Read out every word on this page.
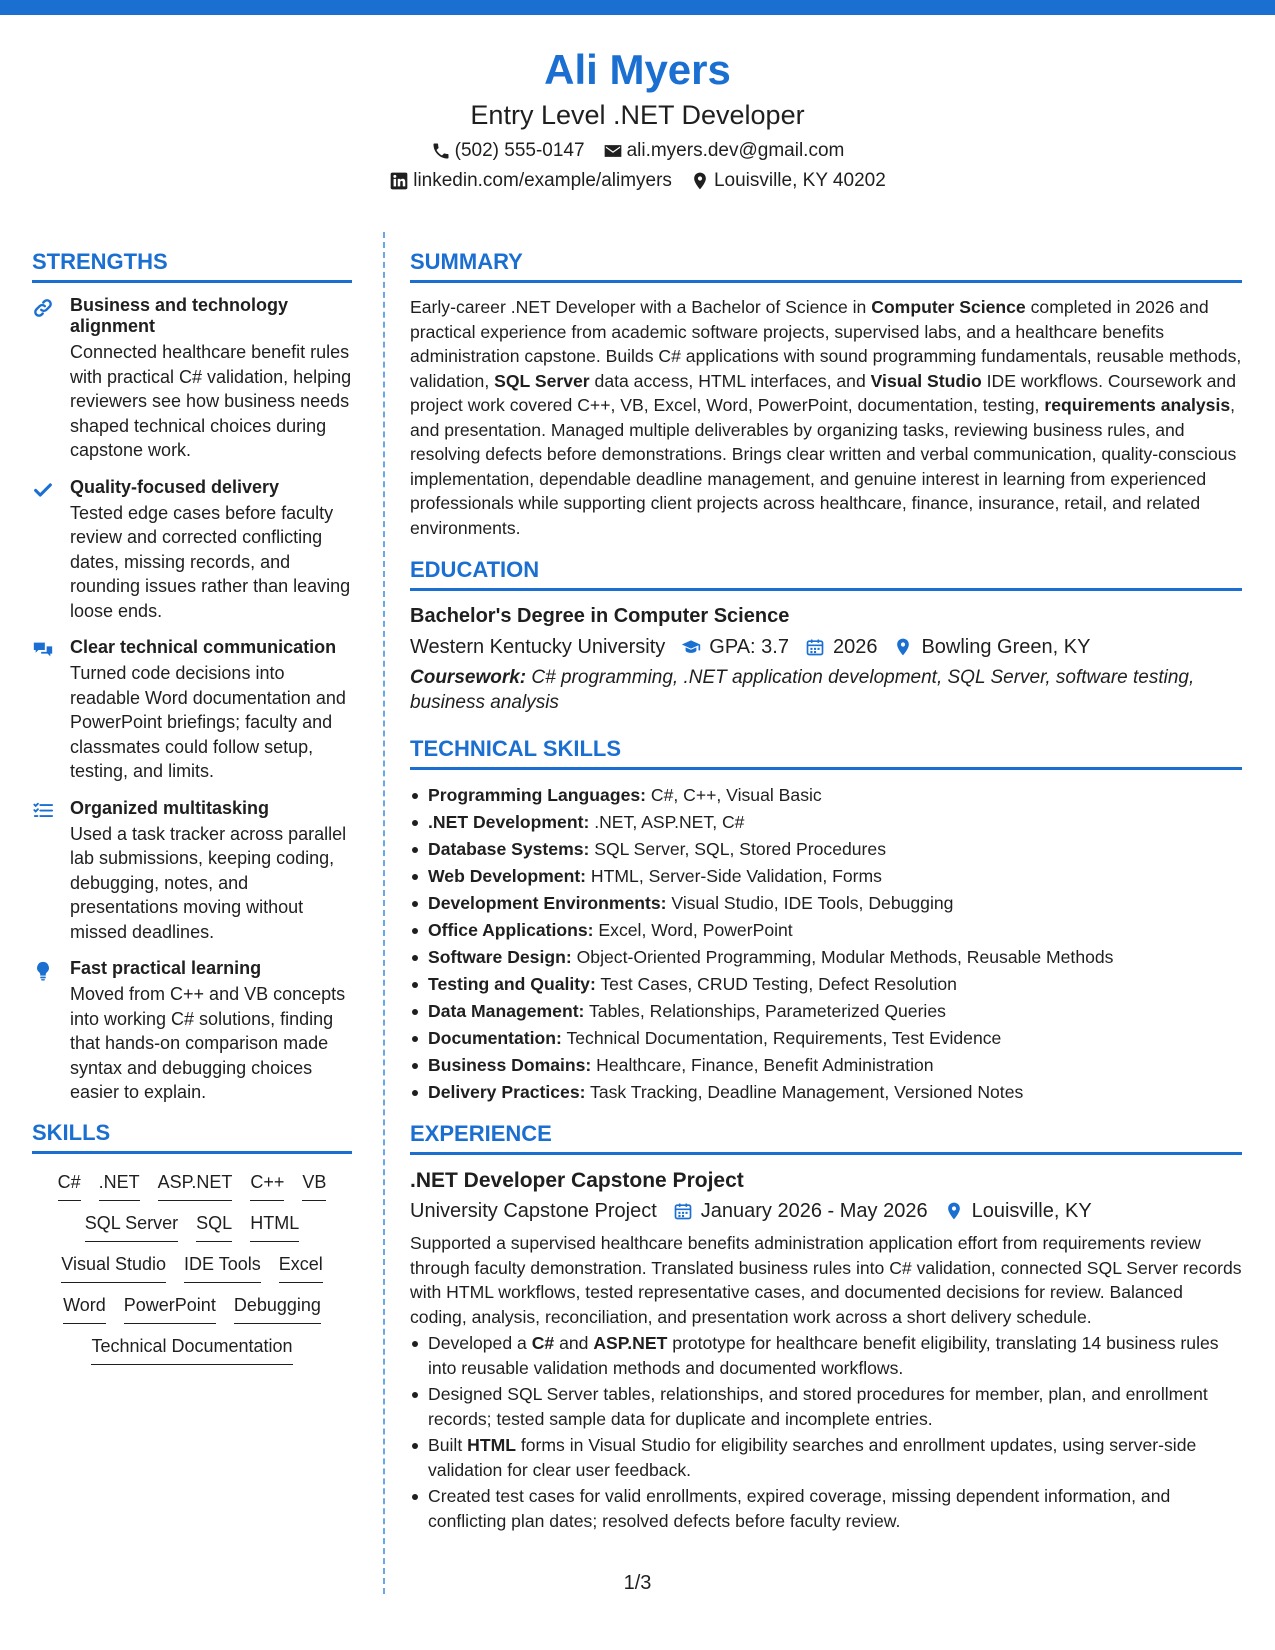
Ali Myers
Entry Level .NET Developer
(502) 555-0147 ali.myers.dev@gmail.com
linkedin.com/example/alimyers Louisville, KY 40202
STRENGTHS
Business and technology alignment
Connected healthcare benefit rules with practical C# validation, helping reviewers see how business needs shaped technical choices during capstone work.
Quality-focused delivery
Tested edge cases before faculty review and corrected conflicting dates, missing records, and rounding issues rather than leaving loose ends.
Clear technical communication
Turned code decisions into readable Word documentation and PowerPoint briefings; faculty and classmates could follow setup, testing, and limits.
Organized multitasking
Used a task tracker across parallel lab submissions, keeping coding, debugging, notes, and presentations moving without missed deadlines.
Fast practical learning
Moved from C++ and VB concepts into working C# solutions, finding that hands-on comparison made syntax and debugging choices easier to explain.
SKILLS
C# .NET ASP.NET C++ VB
SQL Server SQL HTML
Visual Studio IDE Tools Excel
Word PowerPoint Debugging
Technical Documentation
SUMMARY

Early-career .NET Developer with a Bachelor of Science in Computer Science completed in 2026 and practical experience from academic software projects, supervised labs, and a healthcare benefits administration capstone. Builds C# applications with sound programming fundamentals, reusable methods, validation, SQL Server data access, HTML interfaces, and Visual Studio IDE workflows. Coursework and project work covered C++, VB, Excel, Word, PowerPoint, documentation, testing, requirements analysis, and presentation. Managed multiple deliverables by organizing tasks, reviewing business rules, and resolving defects before demonstrations. Brings clear written and verbal communication, quality-conscious implementation, dependable deadline management, and genuine interest in learning from experienced professionals while supporting client projects across healthcare, finance, insurance, retail, and related environments.

EDUCATION
Bachelor's Degree in Computer Science
Western Kentucky University GPA: 3.7 2026 Bowling Green, KY
Coursework: C# programming, .NET application development, SQL Server, software testing, business analysis
TECHNICAL SKILLS
Programming Languages: C#, C++, Visual Basic
.NET Development: .NET, ASP.NET, C#
Database Systems: SQL Server, SQL, Stored Procedures
Web Development: HTML, Server-Side Validation, Forms
Development Environments: Visual Studio, IDE Tools, Debugging
Office Applications: Excel, Word, PowerPoint
Software Design: Object-Oriented Programming, Modular Methods, Reusable Methods
Testing and Quality: Test Cases, CRUD Testing, Defect Resolution
Data Management: Tables, Relationships, Parameterized Queries
Documentation: Technical Documentation, Requirements, Test Evidence
Business Domains: Healthcare, Finance, Benefit Administration
Delivery Practices: Task Tracking, Deadline Management, Versioned Notes
EXPERIENCE
.NET Developer Capstone Project
University Capstone Project January 2026 - May 2026 Louisville, KY

Supported a supervised healthcare benefits administration application effort from requirements review through faculty demonstration. Translated business rules into C# validation, connected SQL Server records with HTML workflows, tested representative cases, and documented decisions for review. Balanced coding, analysis, reconciliation, and presentation work across a short delivery schedule.

Developed a C# and ASP.NET prototype for healthcare benefit eligibility, translating 14 business rules into reusable validation methods and documented workflows.
Designed SQL Server tables, relationships, and stored procedures for member, plan, and enrollment records; tested sample data for duplicate and incomplete entries.
Built HTML forms in Visual Studio for eligibility searches and enrollment updates, using server-side validation for clear user feedback.
Created test cases for valid enrollments, expired coverage, missing dependent information, and conflicting plan dates; resolved defects before faculty review.
1/3
